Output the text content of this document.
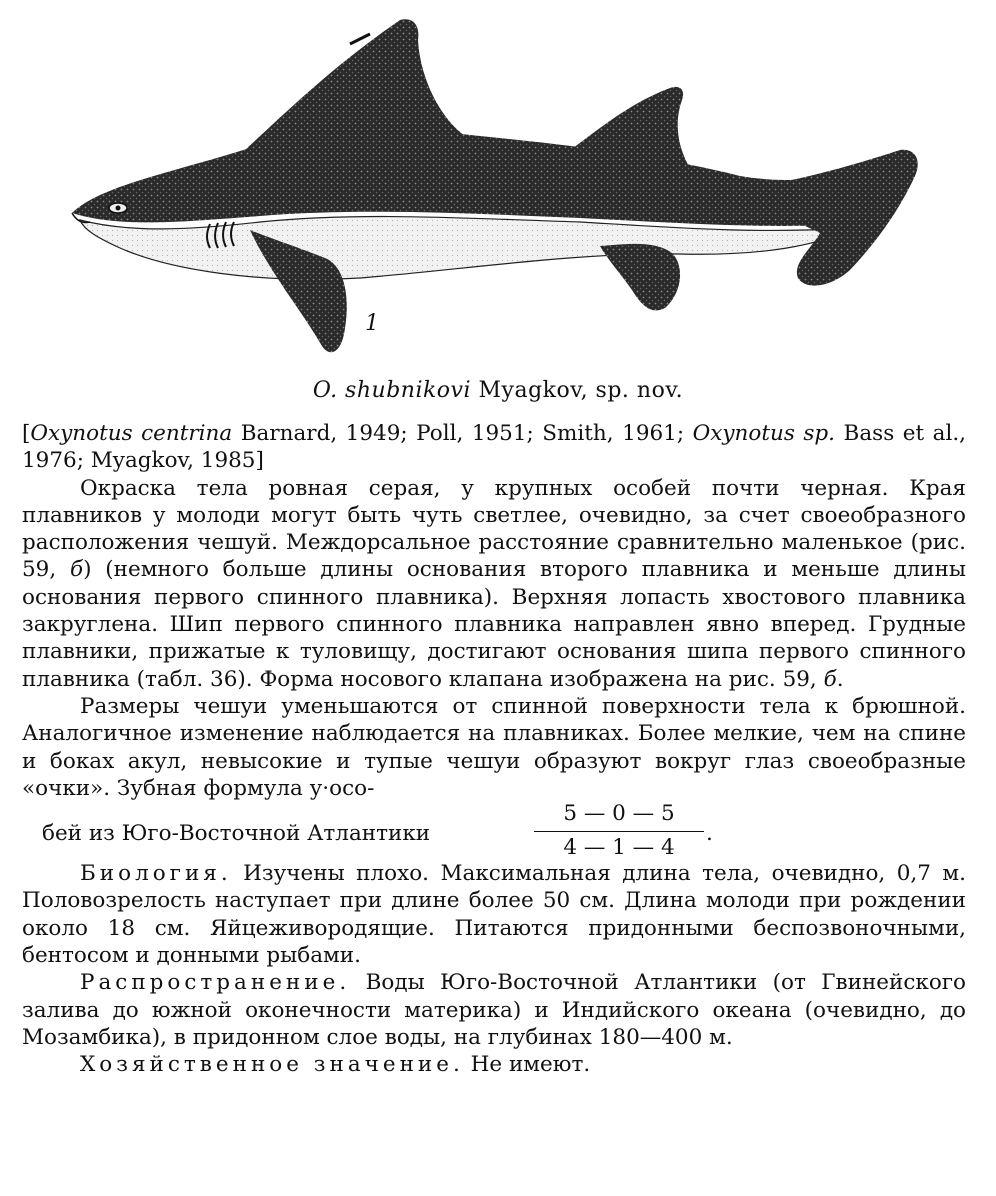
1
O. shubnikovi Myagkov, sp. nov.

[Oxynotus centrina Barnard, 1949; Poll, 1951; Smith, 1961; Oxynotus sp. Bass et al., 1976; Myagkov, 1985]

Окраска тела ровная серая, у крупных особей почти черная. Края плавников у молоди могут быть чуть светлее, очевидно, за счет своеобразного расположения чешуй. Междорсальное расстояние сравнительно маленькое (рис. 59, б) (немного больше длины основания второго плавника и меньше длины основания первого спинного плавника). Верхняя лопасть хвостового плавника закруглена. Шип первого спинного плавника направлен явно вперед. Грудные плавники, прижатые к туловищу, достигают основания шипа первого спинного плавника (табл. 36). Форма носового клапана изображена на рис. 59, б.

Размеры чешуи уменьшаются от спинной поверхности тела к брюшной. Аналогичное изменение наблюдается на плавниках. Более мелкие, чем на спине и боках акул, невысокие и тупые чешуи образуют вокруг глаз своеобразные «очки». Зубная формула у·осо-

бей из Юго-Восточной Атлантики
5 — 0 — 5
4 — 1 — 4
.

Биология. Изучены плохо. Максимальная длина тела, очевидно, 0,7 м. Половозрелость наступает при длине более 50 см. Длина молоди при рождении около 18 см. Яйцеживородящие. Питаются придонными беспозвоночными, бентосом и донными рыбами.

Распространение. Воды Юго-Восточной Атлантики (от Гвинейского залива до южной оконечности материка) и Индийского океана (очевидно, до Мозамбика), в придонном слое воды, на глубинах 180—400 м.

Хозяйственное значение. Не имеют.
